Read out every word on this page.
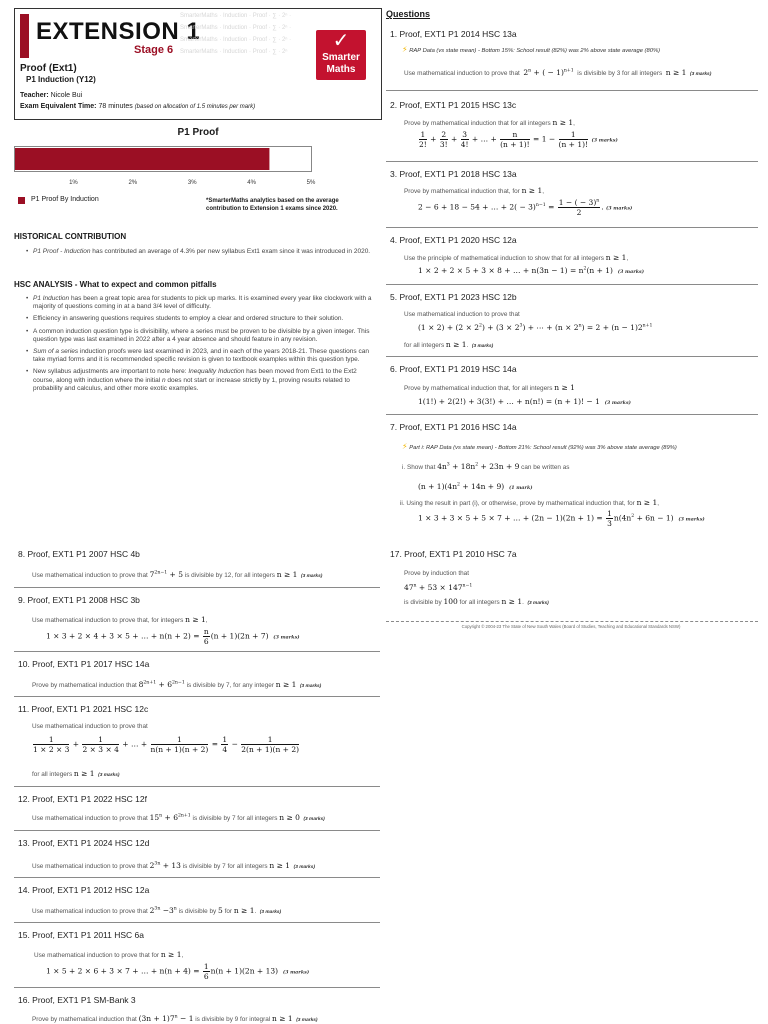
EXTENSION 1
Stage 6
SmarterMaths · Induction · Proof · ∑ · 2ⁿ · SmarterMaths · Induction · Proof · ∑ · 2ⁿ · SmarterMaths · Induction · Proof · ∑ · 2ⁿ · SmarterMaths · Induction · Proof · ∑ · 2ⁿ	✓
Smarter
Maths
Proof (Ext1)
P1 Induction (Y12)
Teacher: Nicole Bui
Exam Equivalent Time: 78 minutes (based on allocation of 1.5 minutes per mark)
P1 Proof
1%	2%	3%	4%	5%
P1 Proof By Induction	*SmarterMaths analytics based on the average contribution to Extension 1 exams since 2020.
HISTORICAL CONTRIBUTION
• P1 Proof - Induction has contributed an average of 4.3% per new syllabus Ext1 exam since it was introduced in 2020.
HSC ANALYSIS - What to expect and common pitfalls
• P1 Induction has been a great topic area for students to pick up marks. It is examined every year like clockwork with a majority of questions coming in at a band 3/4 level of difficulty.
• Efficiency in answering questions requires students to employ a clear and ordered structure to their solution.
• A common induction question type is divisibility, where a series must be proven to be divisible by a given integer. This question type was last examined in 2022 after a 4 year absence and should feature in any revision.
• Sum of a series induction proofs were last examined in 2023, and in each of the years 2018-21. These questions can take myriad forms and it is recommended specific revision is given to textbook examples within this question type.
• New syllabus adjustments are important to note here: Inequality Induction has been moved from Ext1 to the Ext2 course, along with induction where the initial n does not start or increase strictly by 1, proving results related to probability and calculus, and other more exotic examples.
Questions
1. Proof, EXT1 P1 2014 HSC 13a
⚡ RAP Data (vs state mean) - Bottom 15%: School result (82%) was 2% above state average (80%)
Use mathematical induction to prove that $2^n$ + ( − 1)$^{n+1}$ is divisible by 3 for all integers n ≥ 1 (3 marks)
2. Proof, EXT1 P1 2015 HSC 13c
Prove by mathematical induction that for all integers n ≥ 1,
$\frac{1}{2!} + \frac{2}{3!} + \frac{3}{4!}$ + … + $\frac{n}{(n + 1)!} = 1 - \frac{1}{(n + 1)!} (3$ marks)
3. Proof, EXT1 P1 2018 HSC 13a
Prove by mathematical induction that, for n ≥ 1,
2 − 6 + 18 − 54 + … + $2( - 3)^{n-1} = \frac{1 - ( - 3)^n}{2}$ . (3 marks)
4. Proof, EXT1 P1 2020 HSC 12a
Use the principle of mathematical induction to show that for all integers n ≥ 1,
1 × 2 + 2 × 5 + 3 × 8 + … + $n(3n - 1) = n^2(n + 1)$  (3 marks)
5. Proof, EXT1 P1 2023 HSC 12b
Use mathematical induction to prove that
$(1 \times 2) + (2 \times 2^2) + (3 \times 2^3)$ + ⋯ + $(n \times 2^n) = 2 + (n - 1)2^{n+1}$
for all integers n ≥ 1.  (3 marks)
6. Proof, EXT1 P1 2019 HSC 14a
Prove by mathematical induction that, for all integers n ≥ 1
1(1!) + 2(2!) + 3(3!) + … + n(n!) = (n + 1)! − 1  (3 marks)
7. Proof, EXT1 P1 2016 HSC 14a
⚡ Part i: RAP Data (vs state mean) - Bottom 21%: School result (92%) was 3% above state average (89%)
i. Show that $4n^3 + 18n^2 + 23n + 9$ can be written as
$(n + 1)(4n^2 + 14n + 9)$  (1 mark)
ii. Using the result in part (i), or otherwise, prove by mathematical induction that, for n ≥ 1,
1 × 3 + 3 × 5 + 5 × 7 + … + $(2n - 1)(2n + 1) = \frac{1}{3} n(4n^2 + 6n - 1)$  (3 marks)
17. Proof, EXT1 P1 2010 HSC 7a
Prove by induction that
$47^n + 53 \times 147^{n-1}$
is divisible by 100 for all integers n ≥ 1.  (3 marks)
Copyright © 2004-23 The State of New South Wales (Board of Studies, Teaching and Educational Standards NSW)
8. Proof, EXT1 P1 2007 HSC 4b
Use mathematical induction to prove that $7^{2n-1} + 5$ is divisible by 12, for all integers n ≥ 1 (3 marks)
9. Proof, EXT1 P1 2008 HSC 3b
Use mathematical induction to prove that, for integers n ≥ 1,
1 × 3 + 2 × 4 + 3 × 5 + … + $n(n + 2) = \frac{n}{6} (n + 1)(2n + 7)$  (3 marks)
10. Proof, EXT1 P1 2017 HSC 14a
Prove by mathematical induction that $8^{2n+1} + 6^{2n-1}$ is divisible by 7, for any integer n ≥ 1 (3 marks)
11. Proof, EXT1 P1 2021 HSC 12c
Use mathematical induction to prove that
$\frac{1}{1 \times 2 \times 3} + \frac{1}{2 \times 3 \times 4}$ + … + $\frac{1}{n(n + 1)(n + 2)} = \frac{1}{4} - \frac{1}{2(n + 1)(n + 2)}$
for all integers n ≥ 1 (3 marks)
12. Proof, EXT1 P1 2022 HSC 12f
Use mathematical induction to prove that $15^n + 6^{2n+1}$ is divisible by 7 for all integers n ≥ 0 (3 marks)
13. Proof, EXT1 P1 2024 HSC 12d
Use mathematical induction to prove that $2^{3n} + 13$ is divisible by 7 for all integers n ≥ 1 (3 marks)
14. Proof, EXT1 P1 2012 HSC 12a
Use mathematical induction to prove that $2^{3n} -3^n$ is divisible by 5 for n ≥ 1.  (3 marks)
15. Proof, EXT1 P1 2011 HSC 6a
Use mathematical induction to prove that for n ≥ 1,
1 × 5 + 2 × 6 + 3 × 7 + … + $n(n + 4) = \frac{1}{6} n(n + 1)(2n + 13)$  (3 marks)
16. Proof, EXT1 P1 SM-Bank 3
Prove by mathematical induction that $(3n + 1)7^n - 1$ is divisible by 9 for integral n ≥ 1 (3 marks)
